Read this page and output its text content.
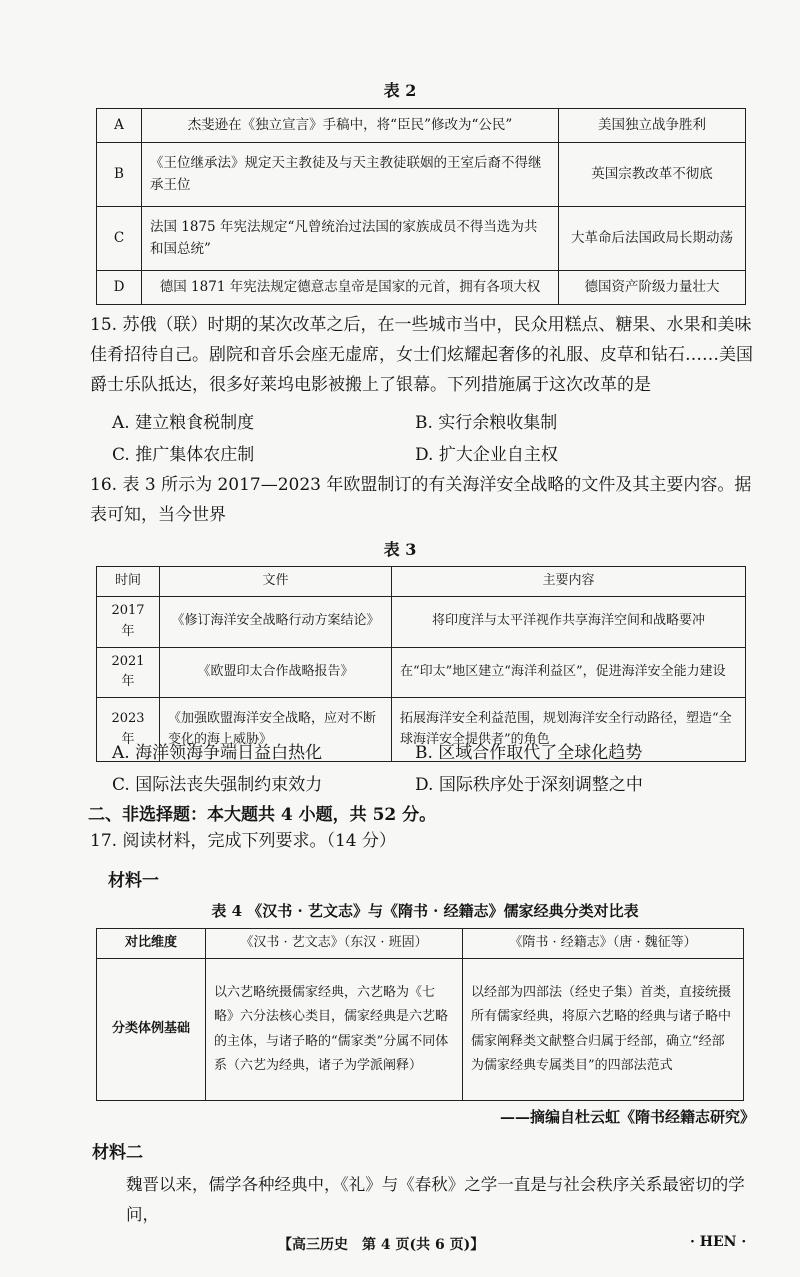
表 2
A	杰斐逊在《独立宣言》手稿中，将“臣民”修改为“公民”	美国独立战争胜利
B	《王位继承法》规定天主教徒及与天主教徒联姻的王室后裔不得继承王位	英国宗教改革不彻底
C	法国 1875 年宪法规定“凡曾统治过法国的家族成员不得当选为共和国总统”	大革命后法国政局长期动荡
D	德国 1871 年宪法规定德意志皇帝是国家的元首，拥有各项大权	德国资产阶级力量壮大
15. 苏俄（联）时期的某次改革之后，在一些城市当中，民众用糕点、糖果、水果和美味佳肴招待自己。剧院和音乐会座无虚席，女士们炫耀起奢侈的礼服、皮草和钻石……美国爵士乐队抵达，很多好莱坞电影被搬上了银幕。下列措施属于这次改革的是
A. 建立粮食税制度	B. 实行余粮收集制
C. 推广集体农庄制	D. 扩大企业自主权
16. 表 3 所示为 2017—2023 年欧盟制订的有关海洋安全战略的文件及其主要内容。据表可知，当今世界
表 3
时间	文件	主要内容
2017 年	《修订海洋安全战略行动方案结论》	将印度洋与太平洋视作共享海洋空间和战略要冲
2021 年	《欧盟印太合作战略报告》	在“印太”地区建立“海洋利益区”，促进海洋安全能力建设
2023 年	《加强欧盟海洋安全战略，应对不断变化的海上威胁》	拓展海洋安全利益范围，规划海洋安全行动路径，塑造“全球海洋安全提供者”的角色
A. 海洋领海争端日益白热化	B. 区域合作取代了全球化趋势
C. 国际法丧失强制约束效力	D. 国际秩序处于深刻调整之中
二、非选择题：本大题共 4 小题，共 52 分。
17. 阅读材料，完成下列要求。（14 分）
材料一
表 4 《汉书 · 艺文志》与《隋书 · 经籍志》儒家经典分类对比表
对比维度	《汉书 · 艺文志》（东汉 · 班固）	《隋书 · 经籍志》（唐 · 魏征等）
分类体例基础	以六艺略统摄儒家经典，六艺略为《七略》六分法核心类目，儒家经典是六艺略的主体，与诸子略的“儒家类”分属不同体系（六艺为经典，诸子为学派阐释）	以经部为四部法（经史子集）首类，直接统摄所有儒家经典，将原六艺略的经典与诸子略中儒家阐释类文献整合归属于经部，确立“经部为儒家经典专属类目”的四部法范式
——摘编自杜云虹《隋书经籍志研究》
材料二
魏晋以来，儒学各种经典中，《礼》与《春秋》之学一直是与社会秩序关系最密切的学问，
【高三历史　第 4 页(共 6 页)】	· HEN ·
